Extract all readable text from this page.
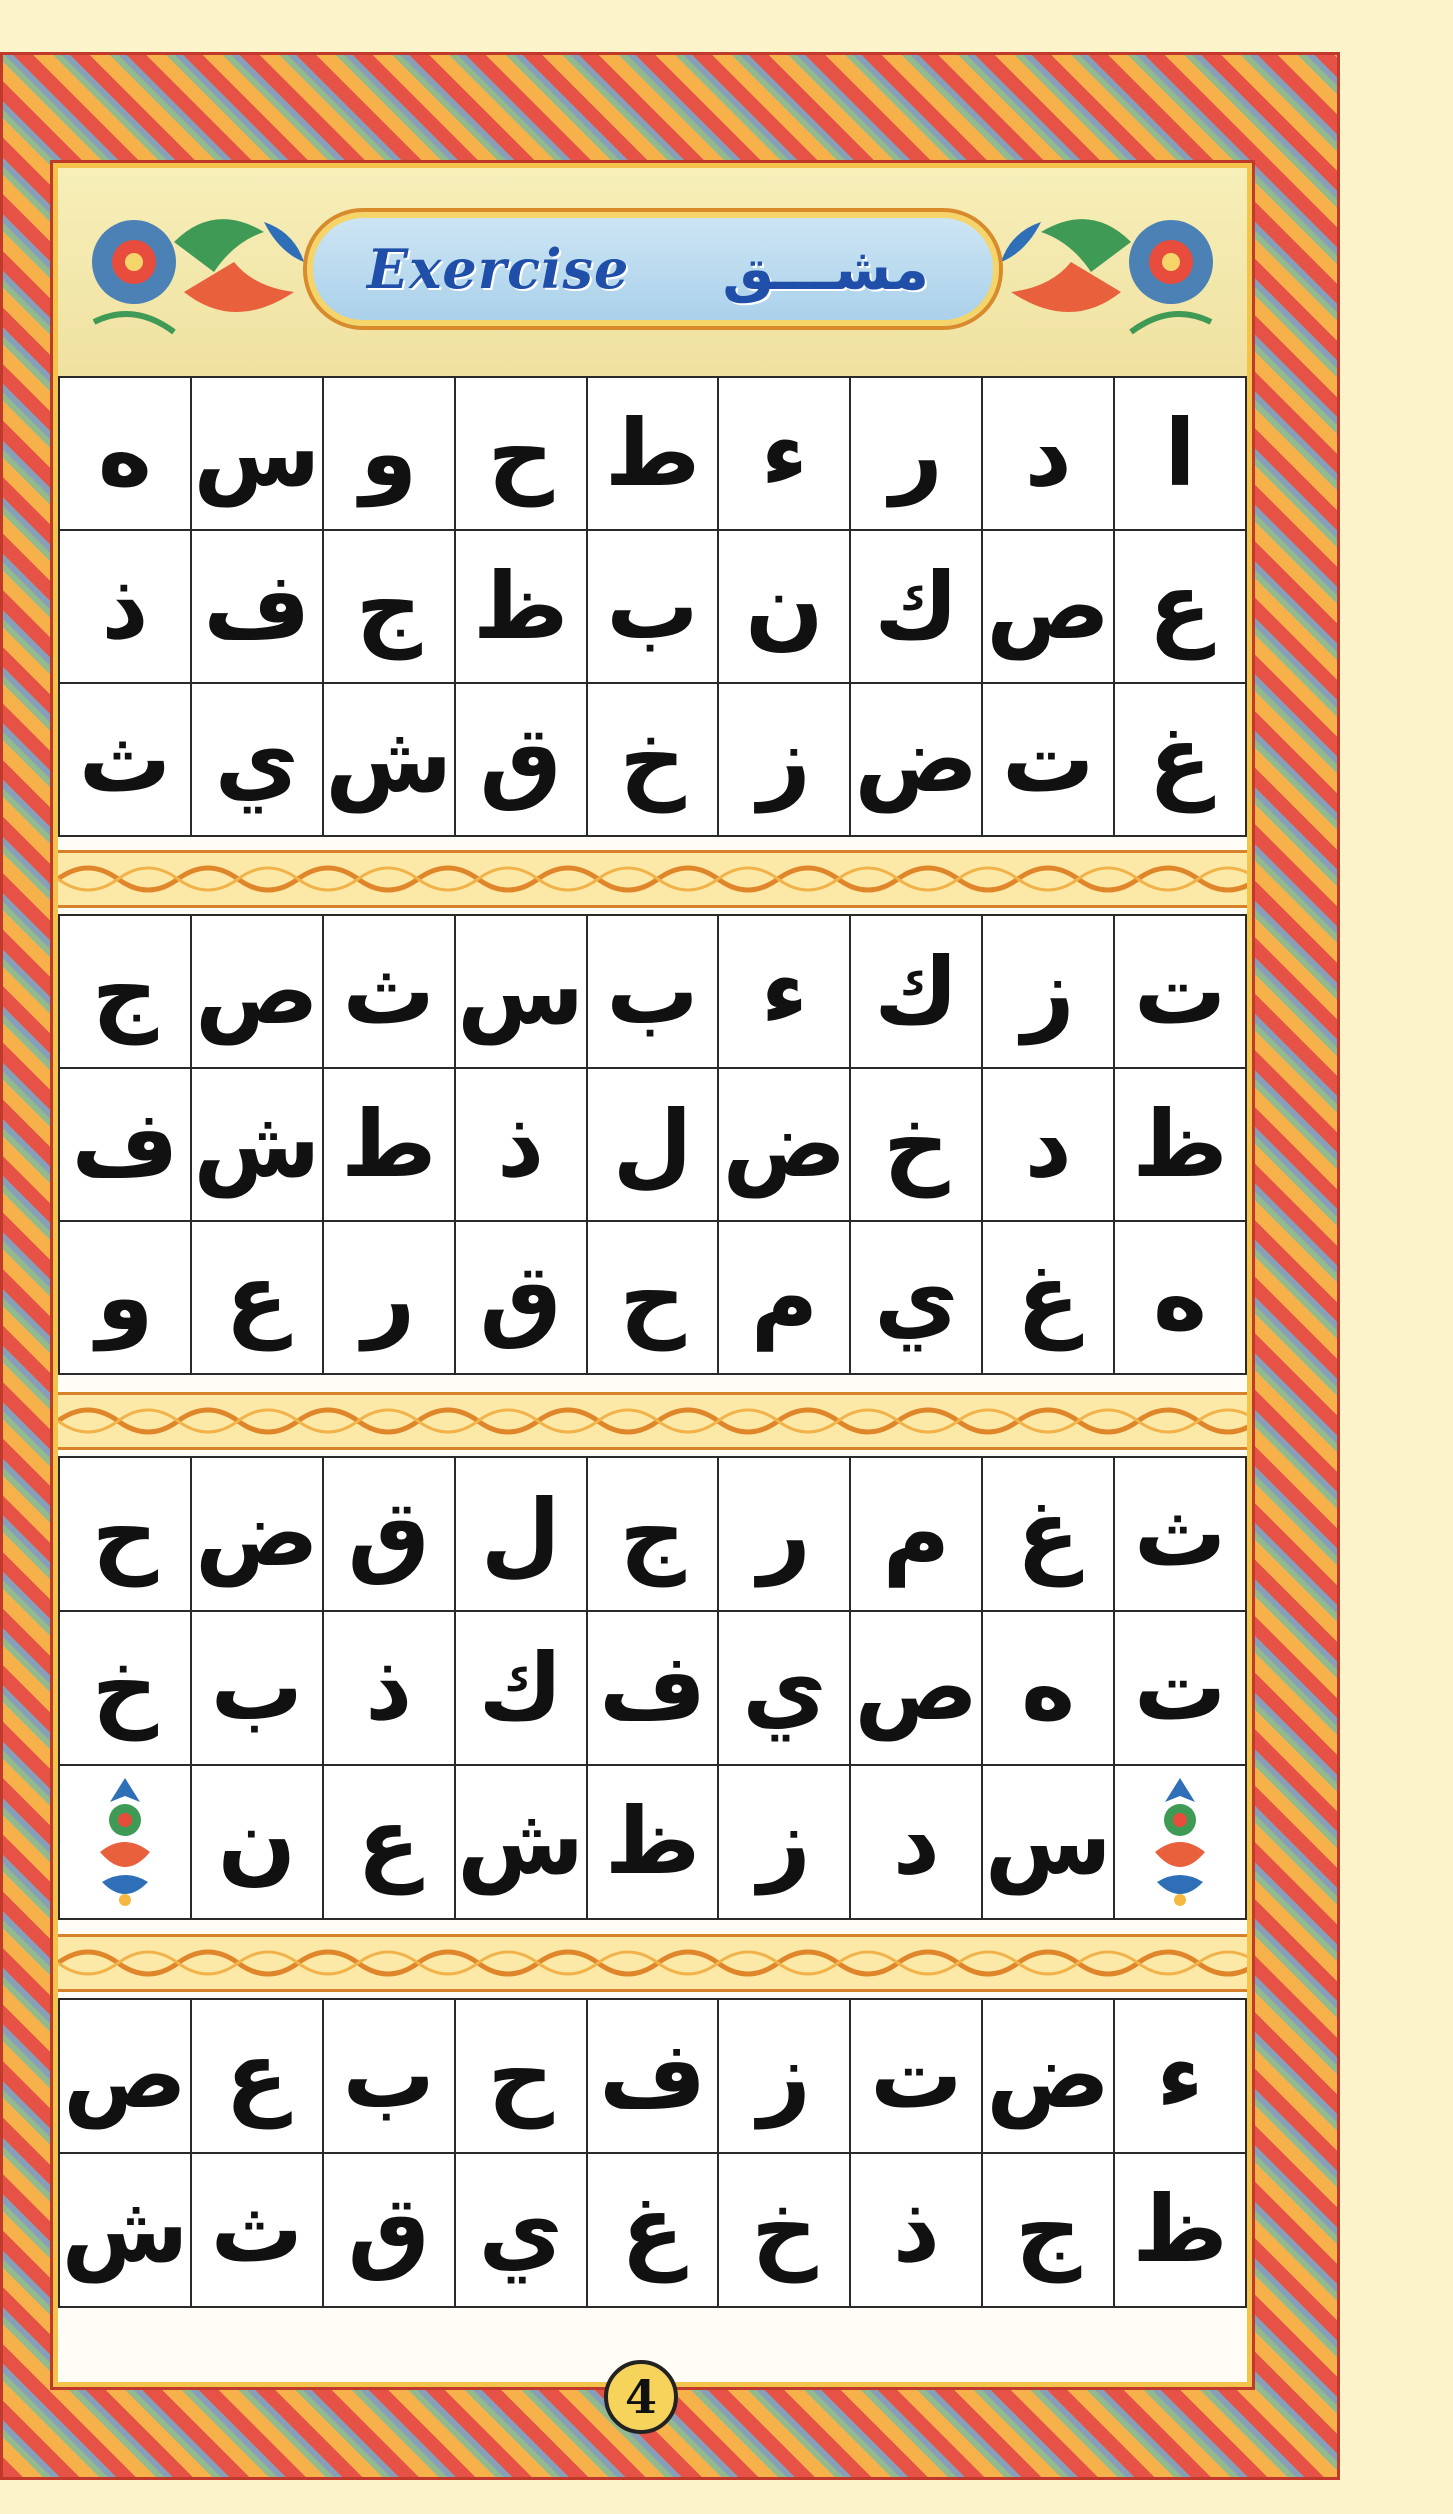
Exercise مشـــق
ا
د
ر
ء
ط
ح
و
س
ه
ع
ص
ك
ن
ب
ظ
ج
ف
ذ
غ
ت
ض
ز
خ
ق
ش
ي
ث
ت
ز
ك
ء
ب
س
ث
ص
ج
ظ
د
خ
ض
ل
ذ
ط
ش
ف
ه
غ
ي
م
ح
ق
ر
ع
و
ث
غ
م
ر
ج
ل
ق
ض
ح
ت
ه
ص
ي
ف
ك
ذ
ب
خ
س
د
ز
ظ
ش
ع
ن
ء
ض
ت
ز
ف
ح
ب
ع
ص
ظ
ج
ذ
خ
غ
ي
ق
ث
ش
4
